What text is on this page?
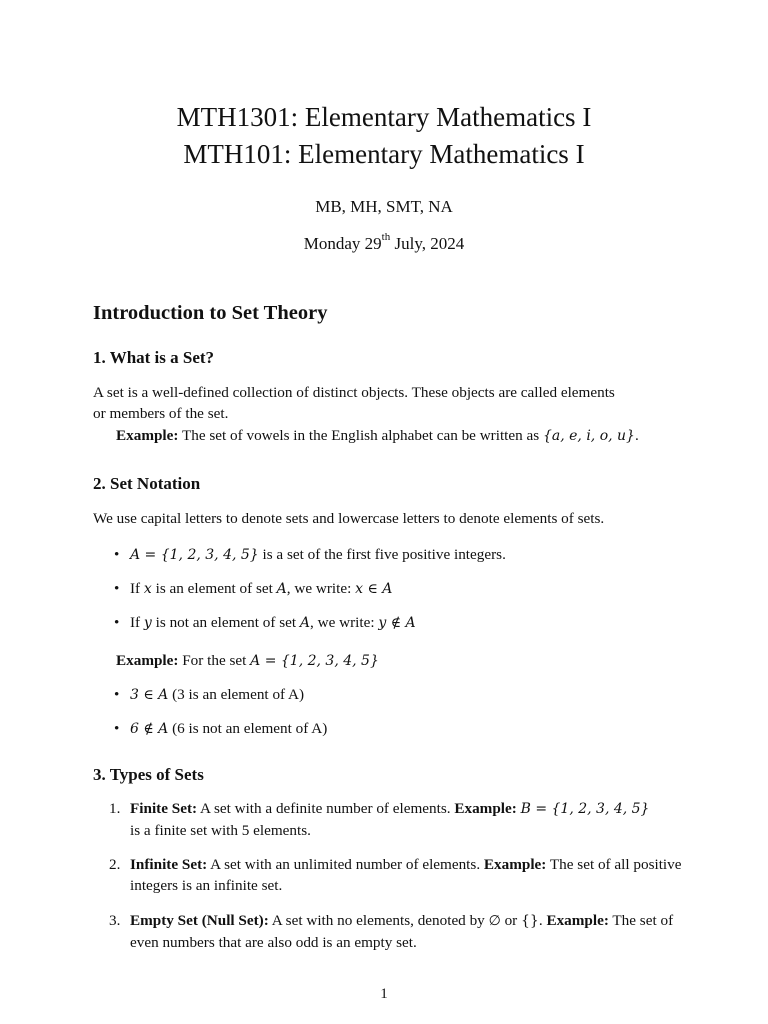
MTH1301: Elementary Mathematics I
MTH101: Elementary Mathematics I
MB, MH, SMT, NA
Monday 29th July, 2024
Introduction to Set Theory
1. What is a Set?
A set is a well-defined collection of distinct objects. These objects are called elements
or members of the set.
Example: The set of vowels in the English alphabet can be written as {a, e, i, o, u}.
2. Set Notation
We use capital letters to denote sets and lowercase letters to denote elements of sets.
• A = {1, 2, 3, 4, 5} is a set of the first five positive integers.
• If x is an element of set A, we write: x ∈ A
• If y is not an element of set A, we write: y ∉ A
Example: For the set A = {1, 2, 3, 4, 5}
• 3 ∈ A (3 is an element of A)
• 6 ∉ A (6 is not an element of A)
3. Types of Sets
1. Finite Set: A set with a definite number of elements. Example: B = {1, 2, 3, 4, 5}
is a finite set with 5 elements.
2. Infinite Set: A set with an unlimited number of elements. Example: The set of all positive integers is an infinite set.
3. Empty Set (Null Set): A set with no elements, denoted by ∅ or {}. Example: The set of even numbers that are also odd is an empty set.
1
